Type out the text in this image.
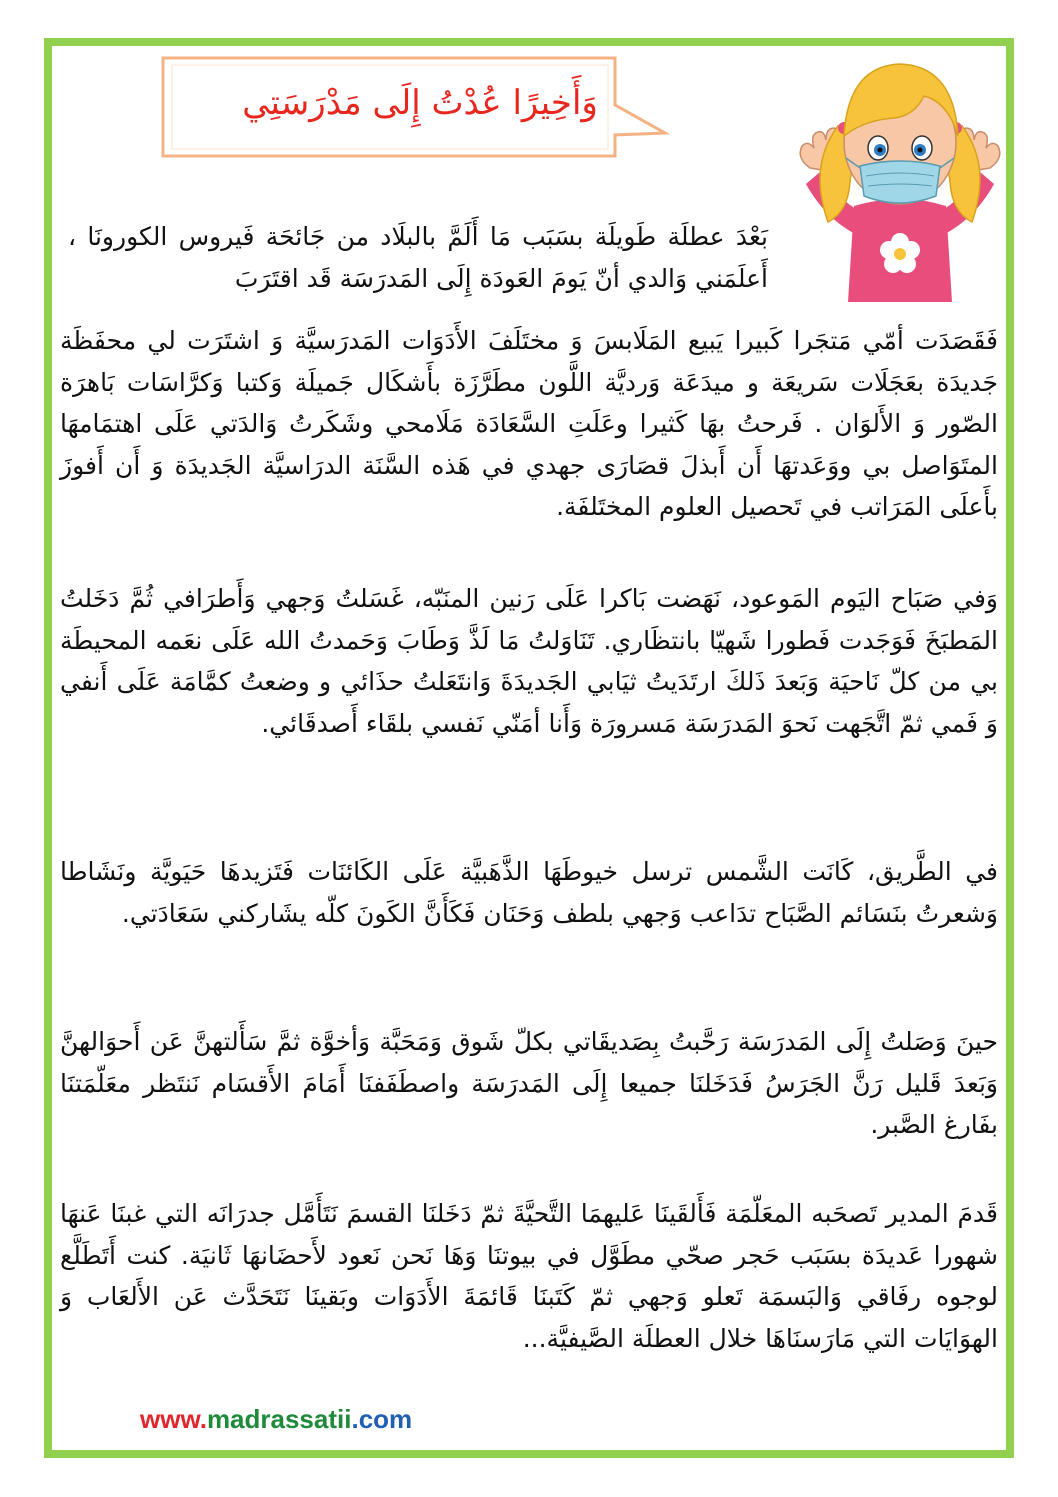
وَأَخِيرًا عُدْتُ إِلَى مَدْرَسَتِي

بَعْدَ عطلَة طَويلَة بسَبَب مَا أَلَمَّ بالبلَاد من جَائحَة فَيروس الكورونَا ، أَعلَمَني وَالدي أنّ يَومَ العَودَة إِلَى المَدرَسَة قَد اقتَرَبَ

فَقَصَدَت أمّي مَتجَرا كَبيرا يَبيع المَلَابسَ وَ مختَلَفَ الأَدَوَات المَدرَسيَّة وَ اشتَرَت لي محفَظَة جَديدَة بعَجَلَات سَريعَة و ميدَعَة وَرديَّة اللَّون مطَرَّزَة بأَشكَال جَميلَة وَكتبا وَكرَّاسَات بَاهرَة الصّور وَ الأَلوَان . فَرحتُ بهَا كَثيرا وعَلَتِ السَّعَادَة مَلَامحي وشَكَرتُ وَالدَتي عَلَى اهتمَامهَا المتَوَاصل بي ووَعَدتهَا أَن أَبذلَ قصَارَى جهدي في هَذه السَّنَة الدرَاسيَّة الجَديدَة وَ أَن أَفوزَ بأَعلَى المَرَاتب في تَحصيل العلوم المختَلفَة.

وَفي صَبَاح اليَوم المَوعود، نَهَضت بَاكرا عَلَى رَنين المنَبّه، غَسَلتُ وَجهي وَأَطرَافي ثُمَّ دَخَلتُ المَطبَخَ فَوَجَدت فَطورا شَهيّا بانتظَاري. تَنَاوَلتُ مَا لَذَّ وَطَابَ وَحَمدتُ الله عَلَى نعَمه المحيطَة بي من كلّ نَاحيَة وَبَعدَ ذَلكَ ارتَدَيتُ ثيَابي الجَديدَةَ وَانتَعَلتُ حذَائي و وضعتُ كمَّامَة عَلَى أَنفي وَ فَمي ثمّ اتَّجَهت نَحوَ المَدرَسَة مَسرورَة وَأَنا أمَنّي نَفسي بلقَاء أَصدقَائي.

في الطَّريق، كَانَت الشَّمس ترسل خيوطَهَا الذَّهَبيَّة عَلَى الكَائنَات فَتَزيدهَا حَيَويَّة ونَشَاطا وَشعرتُ بنَسَائم الصَّبَاح تدَاعب وَجهي بلطف وَحَنَان فَكَأَنَّ الكَونَ كلّه يشَاركني سَعَادَتي.

حينَ وَصَلتُ إِلَى المَدرَسَة رَحَّبتُ بِصَديقَاتي بكلّ شَوق وَمَحَبَّة وَأخوَّة ثمَّ سَأَلتهنَّ عَن أَحوَالهنَّ وَبَعدَ قَليل رَنَّ الجَرَسُ فَدَخَلنَا جميعا إِلَى المَدرَسَة واصطَفَفنَا أَمَامَ الأَقسَام نَنتَظر معَلّمَتنَا بفَارغ الصَّبر.

قَدمَ المدير تَصحَبه المعَلّمَة فَأَلقَينَا عَليهمَا التَّحيَّةَ ثمّ دَخَلنَا القسمَ نَتَأَمَّل جدرَانَه التي غبنَا عَنهَا شهورا عَديدَة بسَبَب حَجر صحّي مطَوَّل في بيوتنَا وَهَا نَحن نَعود لأَحضَانهَا ثَانيَة. كنت أَتَطَلَّع لوجوه رفَاقي وَالبَسمَة تَعلو وَجهي ثمّ كَتَبنَا قَائمَةَ الأَدَوَات وبَقينَا نَتَحَدَّث عَن الأَلعَاب وَ الهوَايَات التي مَارَسنَاهَا خلال العطلَة الصَّيفيَّة...

www.madrassatii.com
